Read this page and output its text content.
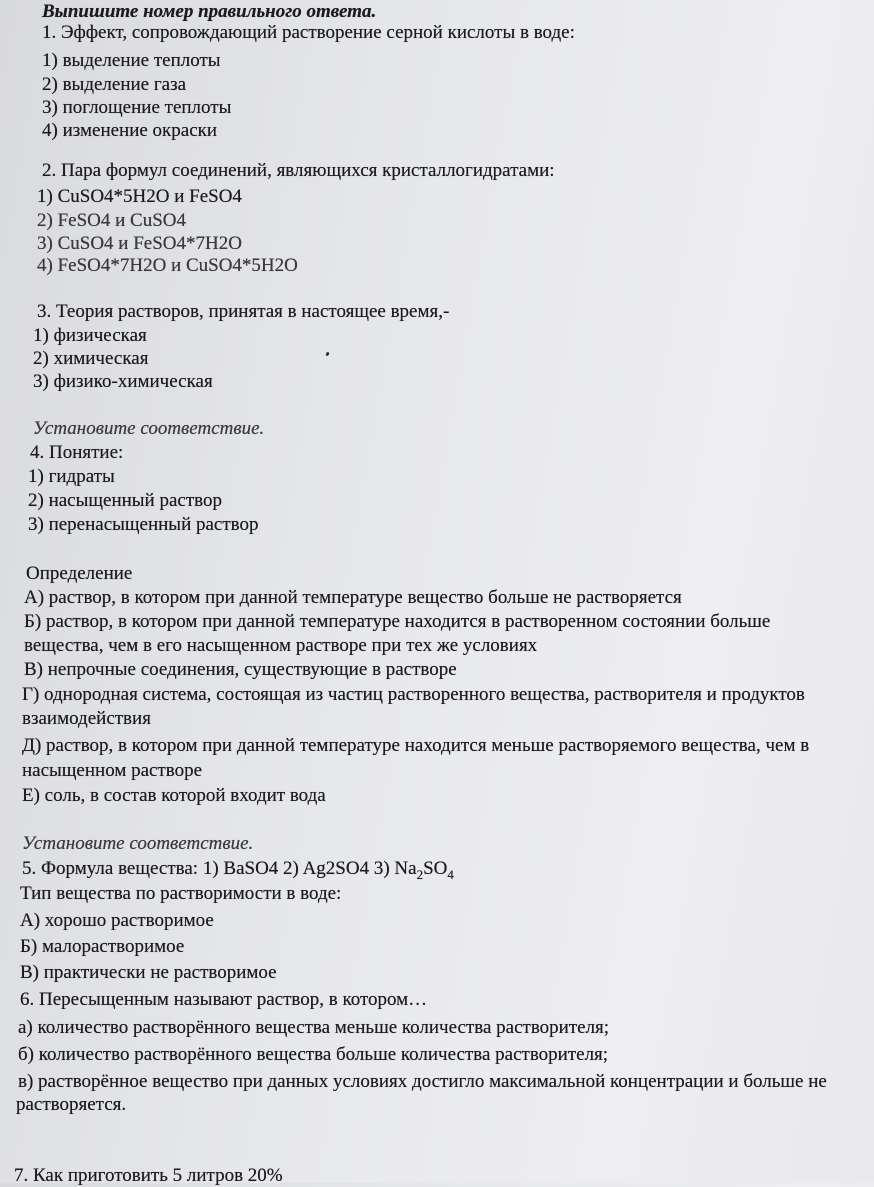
Выпишите номер правильного ответа.
1. Эффект, сопровождающий растворение серной кислоты в воде:
1) выделение теплоты
2) выделение газа
3) поглощение теплоты
4) изменение окраски
2. Пара формул соединений, являющихся кристаллогидратами:
1) CuSO4*5H2O и FeSO4
2) FeSO4 и CuSO4
3) CuSO4 и FeSO4*7H2O
4) FeSO4*7H2O и CuSO4*5H2O
3. Теория растворов, принятая в настоящее время,-
1) физическая
2) химическая
3) физико-химическая
Установите соответствие.
4. Понятие:
1) гидраты
2) насыщенный раствор
3) перенасыщенный раствор
Определение
А) раствор, в котором при данной температуре вещество больше не растворяется
Б) раствор, в котором при данной температуре находится в растворенном состоянии больше
вещества, чем в его насыщенном растворе при тех же условиях
В) непрочные соединения, существующие в растворе
Г) однородная система, состоящая из частиц растворенного вещества, растворителя и продуктов
взаимодействия
Д) раствор, в котором при данной температуре находится меньше растворяемого вещества, чем в
насыщенном растворе
Е) соль, в состав которой входит вода
Установите соответствие.
5. Формула вещества: 1) BaSO4 2) Ag2SO4 3) $Na_2SO_4$
Тип вещества по растворимости в воде:
А) хорошо растворимое
Б) малорастворимое
В) практически не растворимое
6. Пересыщенным называют раствор, в котором…
а) количество растворённого вещества меньше количества растворителя;
б) количество растворённого вещества больше количества растворителя;
в) растворённое вещество при данных условиях достигло максимальной концентрации и больше не
растворяется.
7. Как приготовить 5 литров 20%
